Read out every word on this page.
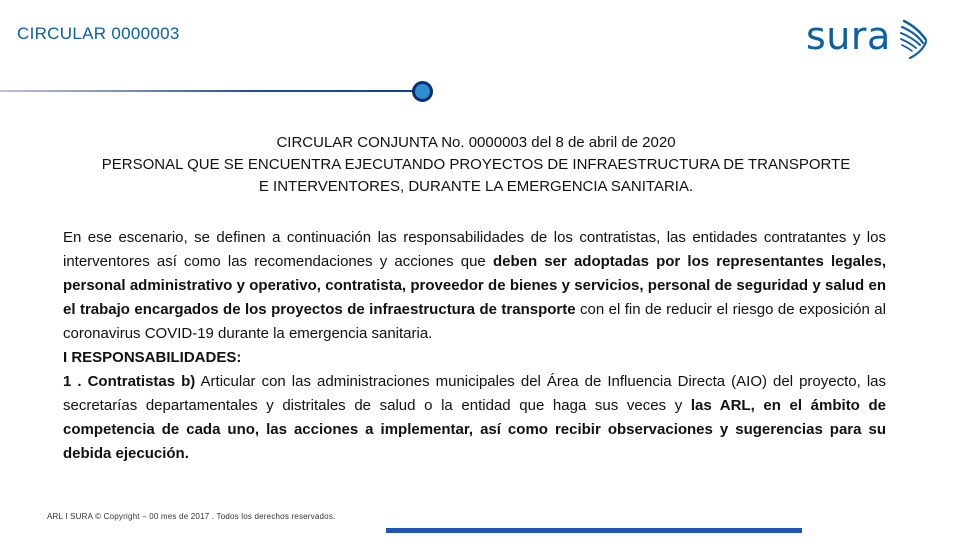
CIRCULAR 0000003	sura
CIRCULAR CONJUNTA No. 0000003 del 8 de abril de 2020
PERSONAL QUE SE ENCUENTRA EJECUTANDO PROYECTOS DE INFRAESTRUCTURA DE TRANSPORTE
E INTERVENTORES, DURANTE LA EMERGENCIA SANITARIA.

En ese escenario, se definen a continuación las responsabilidades de los contratistas, las entidades contratantes y los interventores así como las recomendaciones y acciones que deben ser adoptadas por los representantes legales, personal administrativo y operativo, contratista, proveedor de bienes y servicios, personal de seguridad y salud en el trabajo encargados de los proyectos de infraestructura de transporte con el fin de reducir el riesgo de exposición al coronavirus COVID-19 durante la emergencia sanitaria.

I RESPONSABILIDADES:

1 . Contratistas b) Articular con las administraciones municipales del Área de Influencia Directa (AIO) del proyecto, las secretarías departamentales y distritales de salud o la entidad que haga sus veces y las ARL, en el ámbito de competencia de cada uno, las acciones a implementar, así como recibir observaciones y sugerencias para su debida ejecución.

ARL I SURA © Copyright – 00 mes de 2017 . Todos los derechos reservados.
